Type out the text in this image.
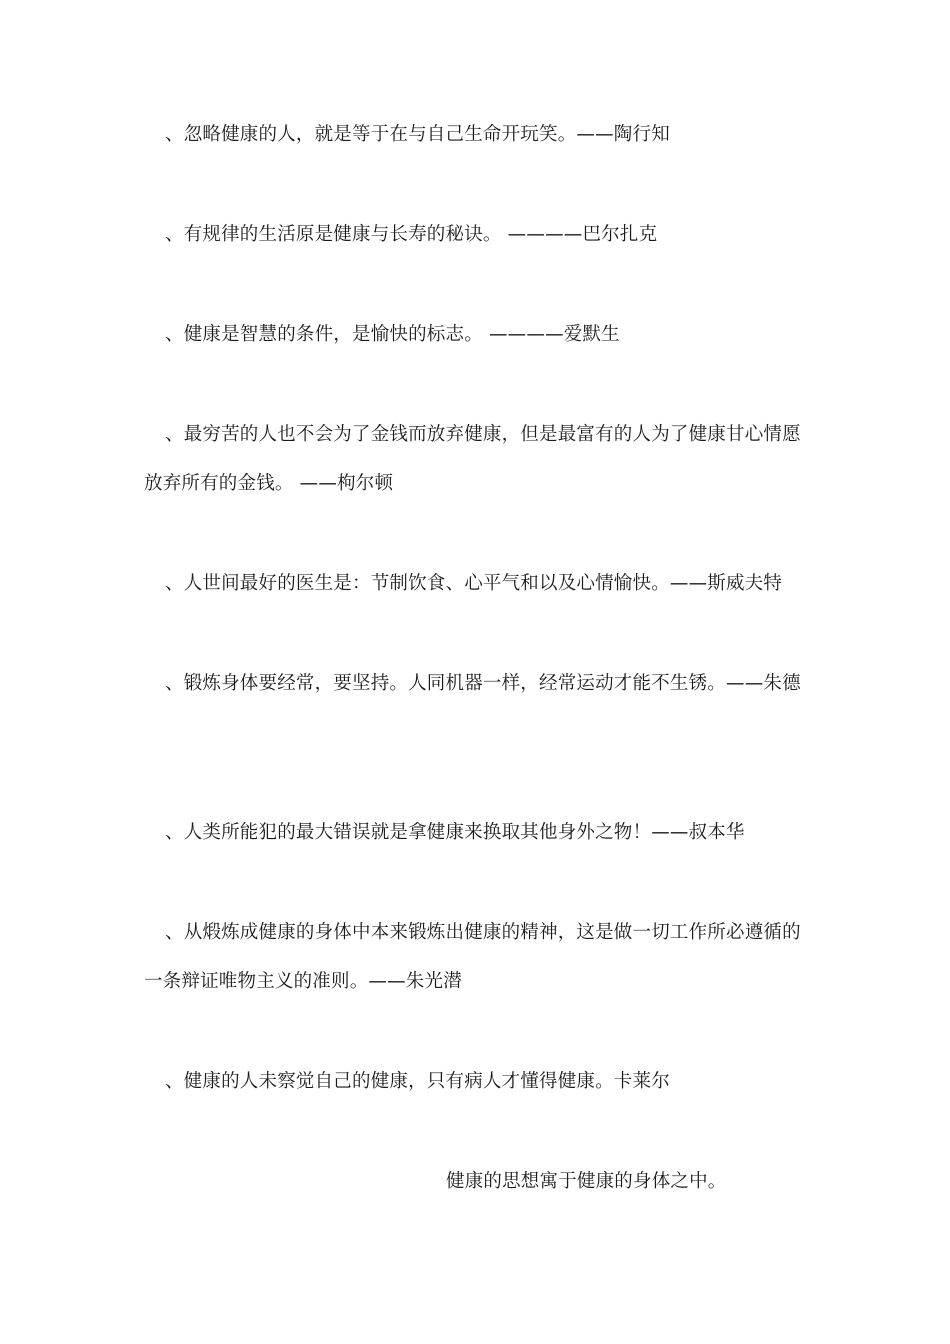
、忽略健康的人，就是等于在与自己生命开玩笑。——陶行知

、有规律的生活原是健康与长寿的秘诀。 ————巴尔扎克

、健康是智慧的条件，是愉快的标志。 ————爱默生

、最穷苦的人也不会为了金钱而放弃健康，但是最富有的人为了健康甘心情愿放弃所有的金钱。 ——枸尔顿

、人世间最好的医生是：节制饮食、心平气和以及心情愉快。——斯威夫特

、锻炼身体要经常，要坚持。人同机器一样，经常运动才能不生锈。——朱德

、人类所能犯的最大错误就是拿健康来换取其他身外之物！——叔本华

、从煅炼成健康的身体中本来锻炼出健康的精神，这是做一切工作所必遵循的一条辩证唯物主义的准则。——朱光潜

、健康的人未察觉自己的健康，只有病人才懂得健康。卡莱尔

健康的思想寓于健康的身体之中。
